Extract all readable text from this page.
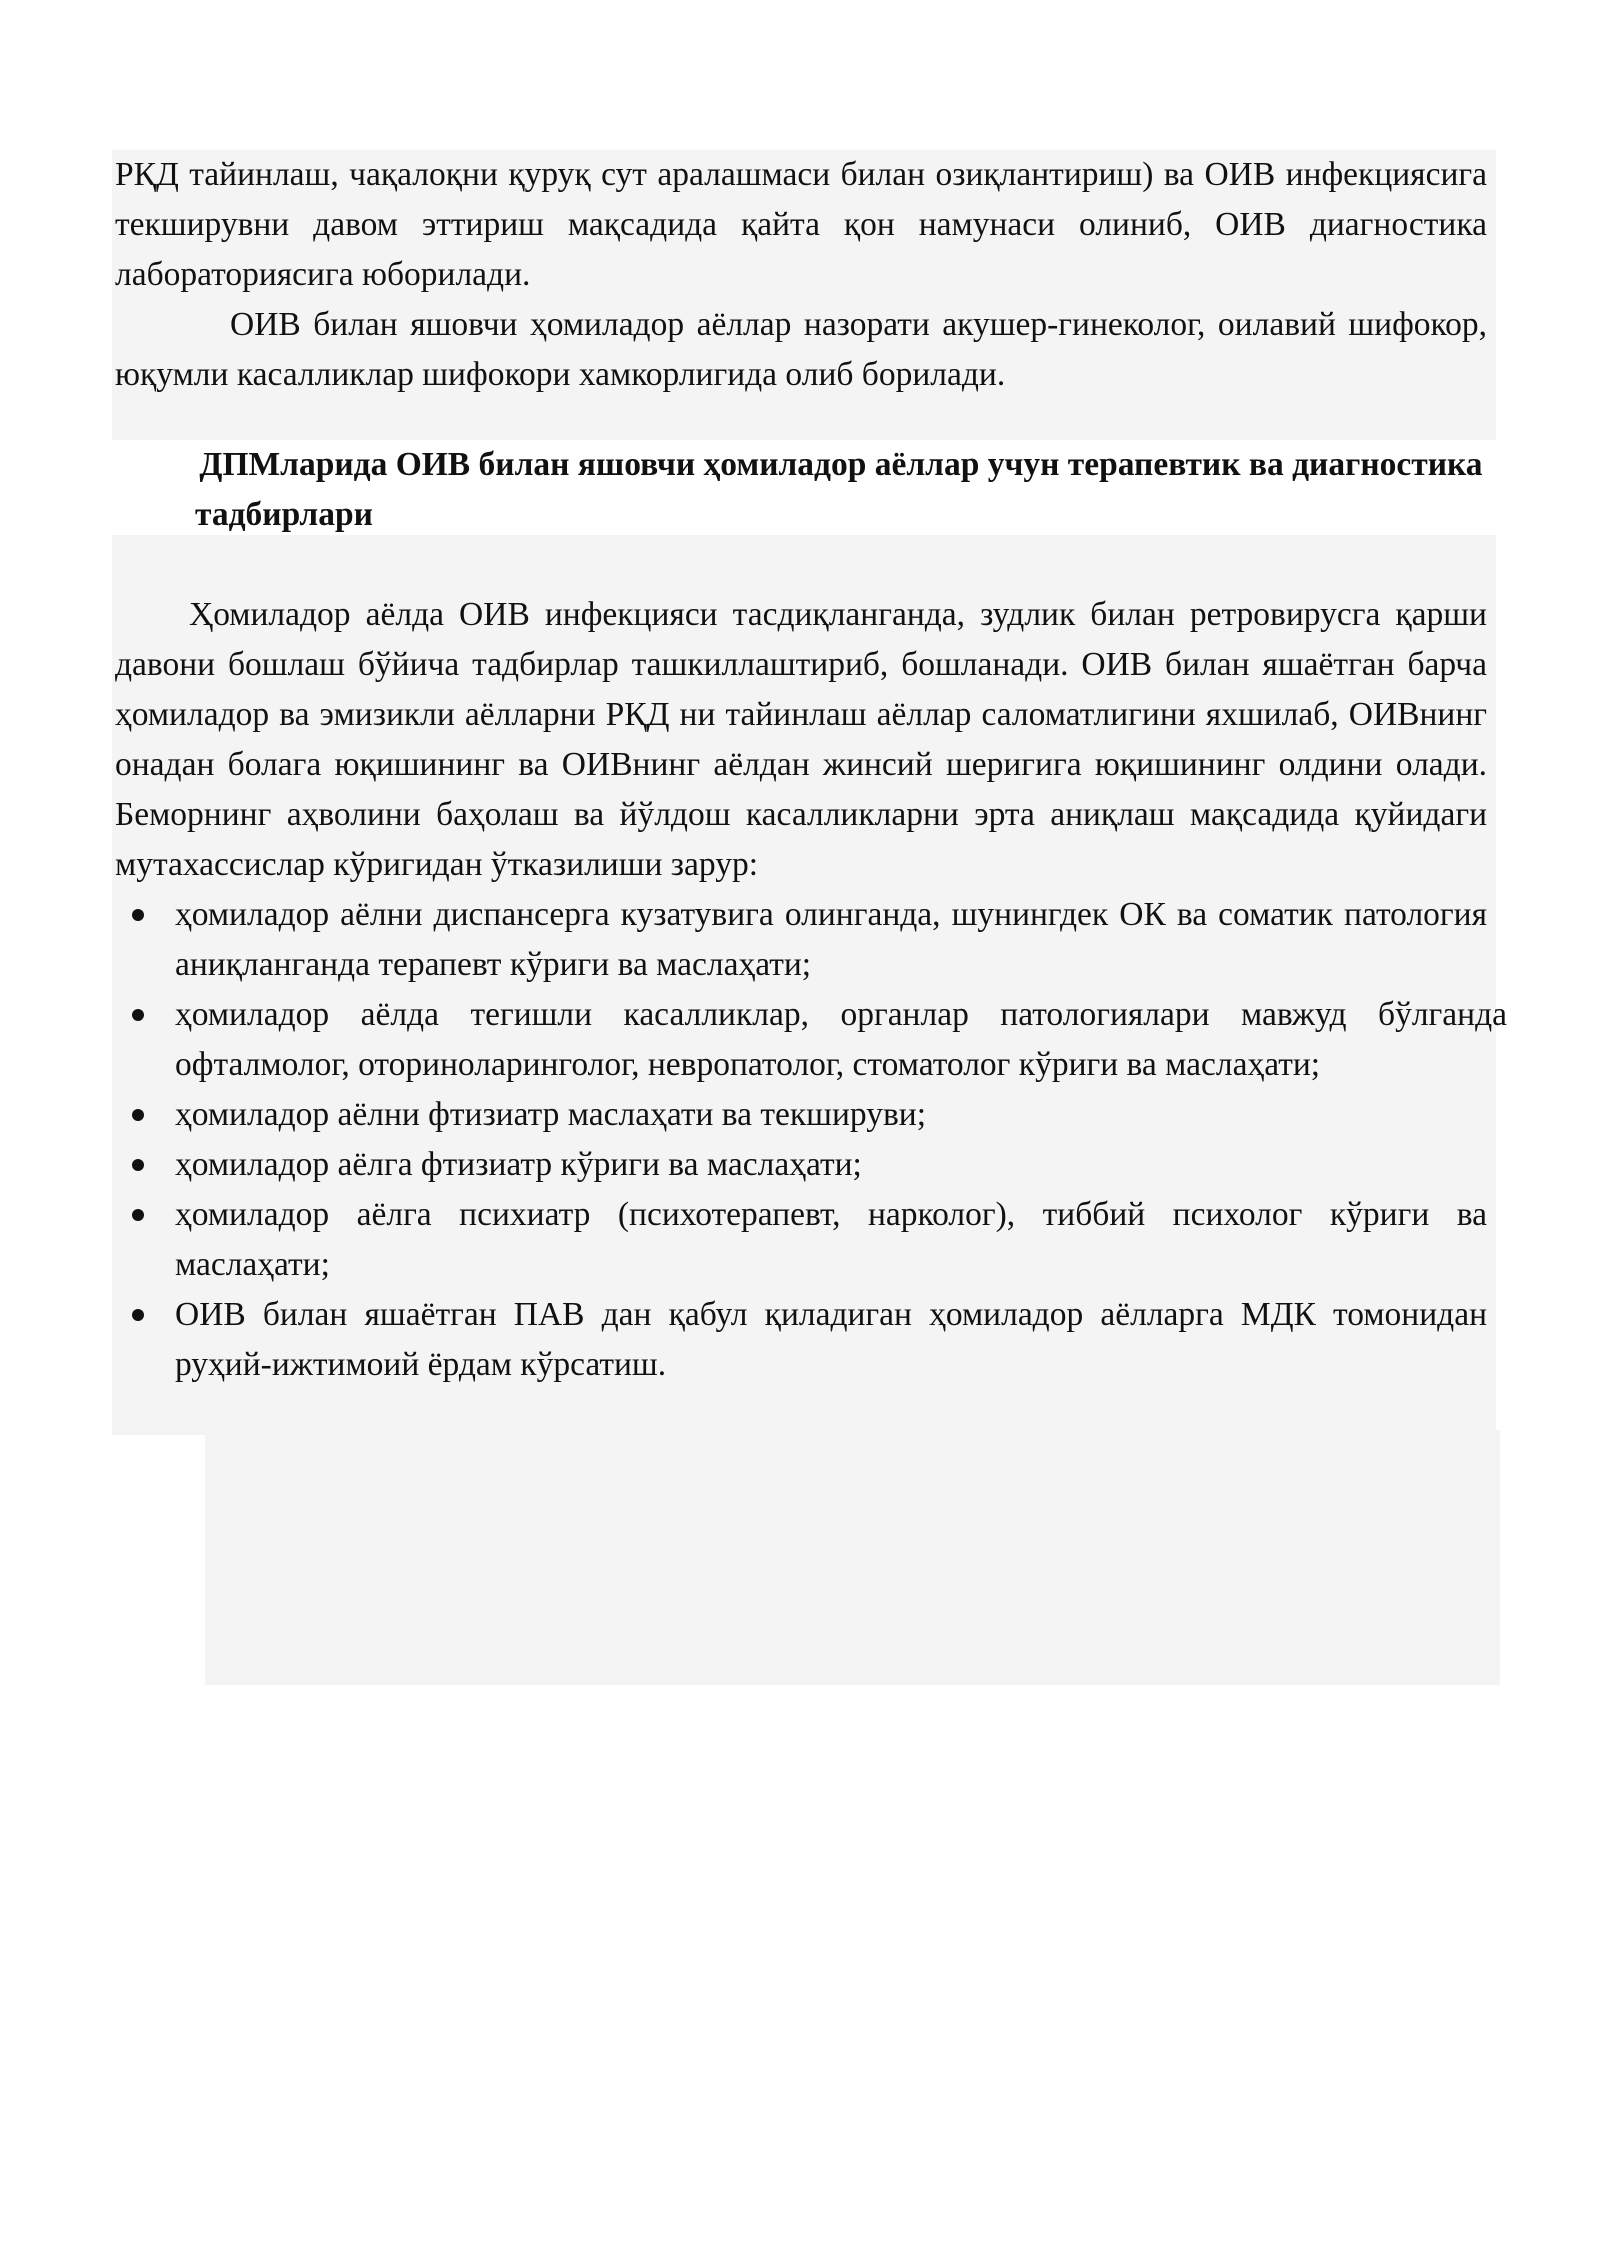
РҚД тайинлаш, чақалоқни қуруқ сут аралашмаси билан озиқлантириш) ва ОИВ инфекциясига текширувни давом эттириш мақсадида қайта қон намунаси олиниб, ОИВ диагностика лабораториясига юборилади.

ОИВ билан яшовчи ҳомиладор аёллар назорати акушер-гинеколог, оилавий шифокор, юқумли касалликлар шифокори хамкорлигида олиб борилади.

ДПМларида ОИВ билан яшовчи ҳомиладор аёллар учун терапевтик ва диагностика тадбирлари

Ҳомиладор аёлда ОИВ инфекцияси тасдиқланганда, зудлик билан ретровирусга қарши давони бошлаш бўйича тадбирлар ташкиллаштириб, бошланади. ОИВ билан яшаётган барча ҳомиладор ва эмизикли аёлларни РҚД ни тайинлаш аёллар саломатлигини яхшилаб, ОИВнинг онадан болага юқишининг ва ОИВнинг аёлдан жинсий шеригига юқишининг олдини олади. Беморнинг аҳволини баҳолаш ва йўлдош касалликларни эрта аниқлаш мақсадида қуйидаги мутахассислар кўригидан ўтказилиши зарур:

ҳомиладор аёлни диспансерга кузатувига олинганда, шунингдек ОК ва соматик патология аниқланганда терапевт кўриги ва маслаҳати;
ҳомиладор аёлда тегишли касалликлар, органлар патологиялари мавжуд бўлганда офталмолог, оториноларинголог, невропатолог, стоматолог кўриги ва маслаҳати;
ҳомиладор аёлни фтизиатр маслаҳати ва текшируви;
ҳомиладор аёлга фтизиатр кўриги ва маслаҳати;
ҳомиладор аёлга психиатр (психотерапевт, нарколог), тиббий психолог кўриги ва маслаҳати;
ОИВ билан яшаётган ПАВ дан қабул қиладиган ҳомиладор аёлларга МДК томонидан руҳий-ижтимоий ёрдам кўрсатиш.
